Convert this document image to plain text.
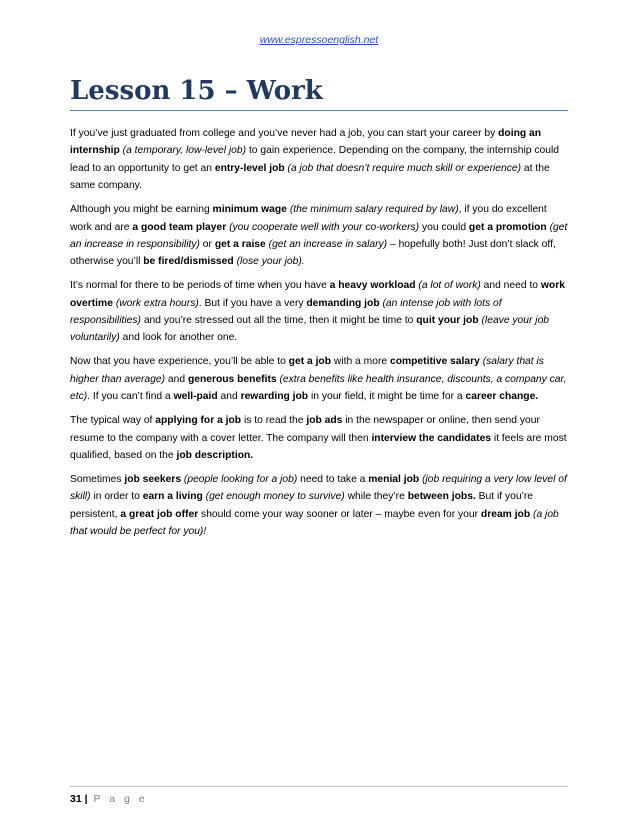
www.espressoenglish.net
Lesson 15 – Work

If you’ve just graduated from college and you’ve never had a job, you can start your career by doing an internship (a temporary, low-level job) to gain experience. Depending on the company, the internship could lead to an opportunity to get an entry-level job (a job that doesn’t require much skill or experience) at the same company.

Although you might be earning minimum wage (the minimum salary required by law), if you do excellent work and are a good team player (you cooperate well with your co-workers) you could get a promotion (get an increase in responsibility) or get a raise (get an increase in salary) – hopefully both! Just don’t slack off, otherwise you’ll be fired/dismissed (lose your job).

It’s normal for there to be periods of time when you have a heavy workload (a lot of work) and need to work overtime (work extra hours). But if you have a very demanding job (an intense job with lots of responsibilities) and you’re stressed out all the time, then it might be time to quit your job (leave your job voluntarily) and look for another one.

Now that you have experience, you’ll be able to get a job with a more competitive salary (salary that is higher than average) and generous benefits (extra benefits like health insurance, discounts, a company car, etc). If you can’t find a well-paid and rewarding job in your field, it might be time for a career change.

The typical way of applying for a job is to read the job ads in the newspaper or online, then send your resume to the company with a cover letter. The company will then interview the candidates it feels are most qualified, based on the job description.

Sometimes job seekers (people looking for a job) need to take a menial job (job requiring a very low level of skill) in order to earn a living (get enough money to survive) while they’re between jobs. But if you’re persistent, a great job offer should come your way sooner or later – maybe even for your dream job (a job that would be perfect for you)!

31 | P a g e
